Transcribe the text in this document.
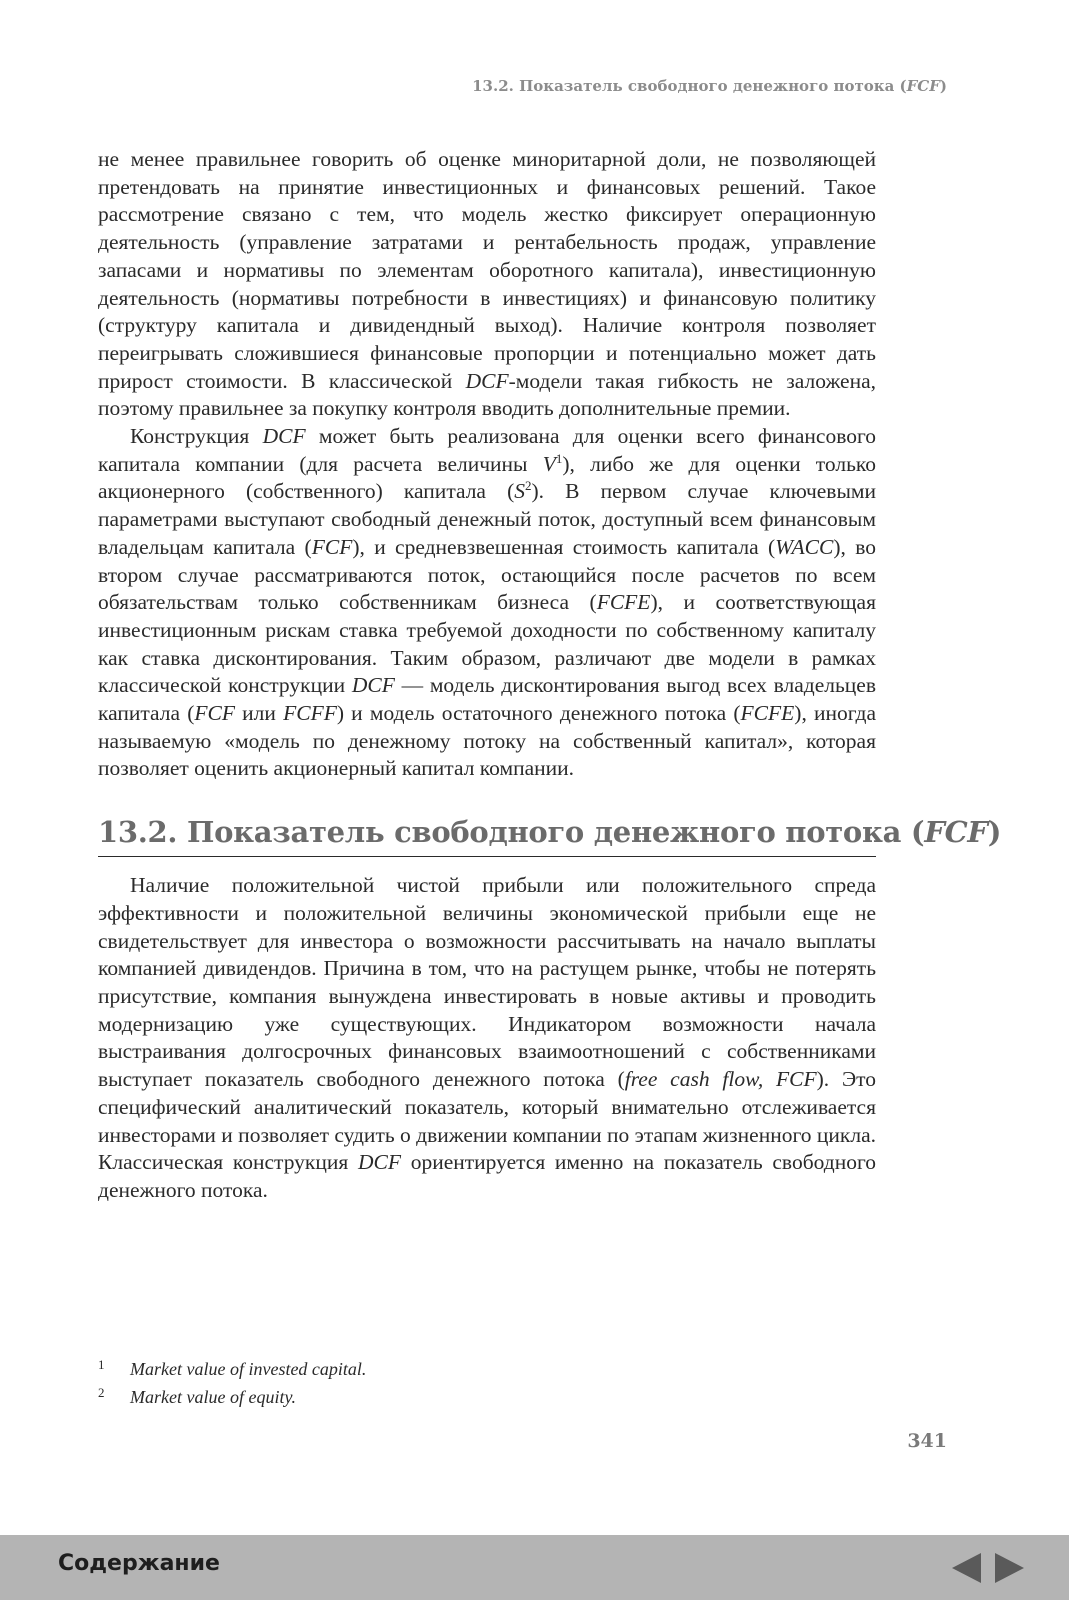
13.2. Показатель свободного денежного потока (FCF)

не менее правильнее говорить об оценке миноритарной доли, не позволяющей претендовать на принятие инвестиционных и финансовых решений. Такое рассмотрение связано с тем, что модель жестко фиксирует операционную деятельность (управление затратами и рентабельность продаж, управление запасами и нормативы по элементам оборотного капитала), инвестиционную деятельность (нормативы потребности в инвестициях) и финансовую политику (структуру капитала и дивидендный выход). Наличие контроля позволяет переигрывать сложившиеся финансовые пропорции и потенциально может дать прирост стоимости. В классической DCF-модели такая гибкость не заложена, поэтому правильнее за покупку контроля вводить дополнительные премии.

Конструкция DCF может быть реализована для оценки всего финансового капитала компании (для расчета величины $V^1$), либо же для оценки только акционерного (собственного) капитала $(S^2)$. В первом случае ключевыми параметрами выступают свободный денежный поток, доступный всем финансовым владельцам капитала (FCF), и средневзвешенная стоимость капитала (WACC), во втором случае рассматриваются поток, остающийся после расчетов по всем обязательствам только собственникам бизнеса (FCFE), и соответствующая инвестиционным рискам ставка требуемой доходности по собственному капиталу как ставка дисконтирования. Таким образом, различают две модели в рамках классической конструкции DCF — модель дисконтирования выгод всех владельцев капитала (FCF или FCFF) и модель остаточного денежного потока (FCFE), иногда называемую «модель по денежному потоку на собственный капитал», которая позволяет оценить акционерный капитал компании.

13.2. Показатель свободного денежного потока (FCF)

Наличие положительной чистой прибыли или положительного спреда эффективности и положительной величины экономической прибыли еще не свидетельствует для инвестора о возможности рассчитывать на начало выплаты компанией дивидендов. Причина в том, что на растущем рынке, чтобы не потерять присутствие, компания вынуждена инвестировать в новые активы и проводить модернизацию уже существующих. Индикатором возможности начала выстраивания долгосрочных финансовых взаимоотношений с собственниками выступает показатель свободного денежного потока (free cash flow, FCF). Это специфический аналитический показатель, который внимательно отслеживается инвесторами и позволяет судить о движении компании по этапам жизненного цикла. Классическая конструкция DCF ориентируется именно на показатель свободного денежного потока.

1	Market value of invested capital.
2	Market value of equity.
341
Содержание
